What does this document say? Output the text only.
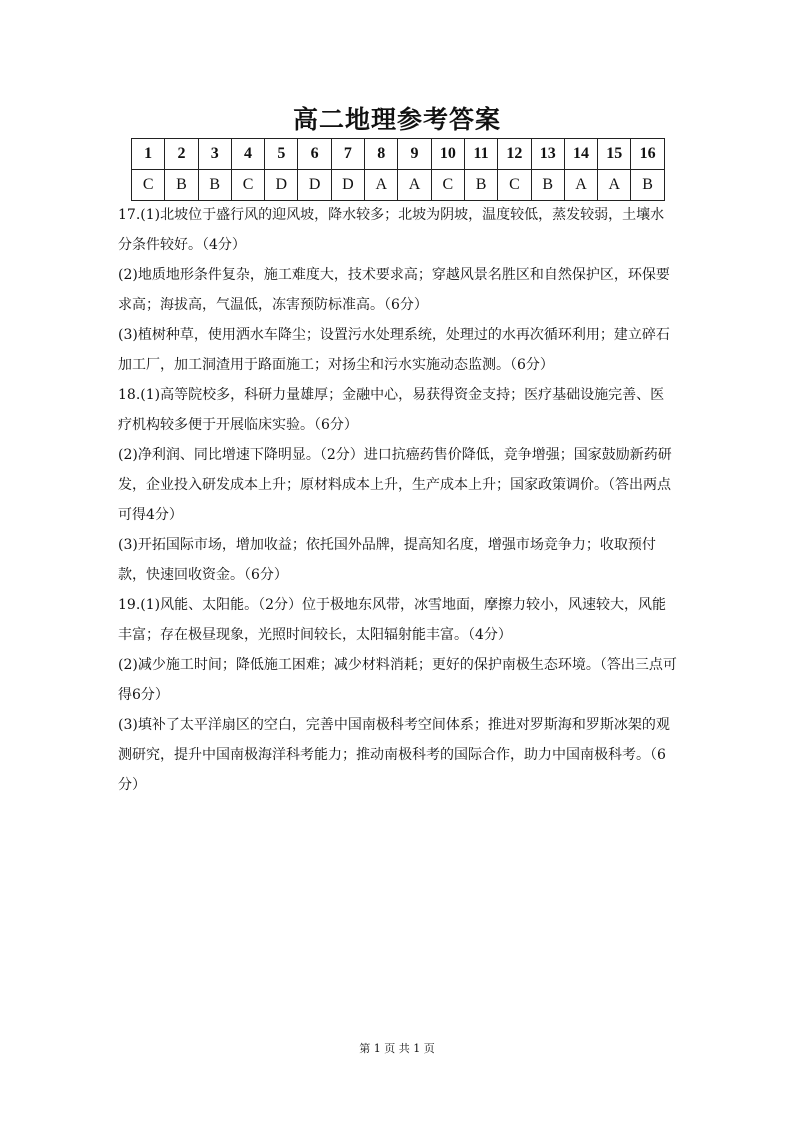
高二地理参考答案
1	2	3	4	5	6	7	8	9	10	11	12	13	14	15	16
C	B	B	C	D	D	D	A	A	C	B	C	B	A	A	B

17.(1)北坡位于盛行风的迎风坡，降水较多；北坡为阴坡，温度较低，蒸发较弱，土壤水分条件较好。（4分）

(2)地质地形条件复杂，施工难度大，技术要求高；穿越风景名胜区和自然保护区，环保要求高；海拔高，气温低，冻害预防标准高。（6分）

(3)植树种草，使用洒水车降尘；设置污水处理系统，处理过的水再次循环利用；建立碎石加工厂，加工洞渣用于路面施工；对扬尘和污水实施动态监测。（6分）

18.(1)高等院校多，科研力量雄厚；金融中心，易获得资金支持；医疗基础设施完善、医疗机构较多便于开展临床实验。（6分）

(2)净利润、同比增速下降明显。（2分）进口抗癌药售价降低，竞争增强；国家鼓励新药研发，企业投入研发成本上升；原材料成本上升，生产成本上升；国家政策调价。（答出两点可得4分）

(3)开拓国际市场，增加收益；依托国外品牌，提高知名度，增强市场竞争力；收取预付款，快速回收资金。（6分）

19.(1)风能、太阳能。（2分）位于极地东风带，冰雪地面，摩擦力较小，风速较大，风能丰富；存在极昼现象，光照时间较长，太阳辐射能丰富。（4分）

(2)减少施工时间；降低施工困难；减少材料消耗；更好的保护南极生态环境。（答出三点可得6分）

(3)填补了太平洋扇区的空白，完善中国南极科考空间体系；推进对罗斯海和罗斯冰架的观测研究，提升中国南极海洋科考能力；推动南极科考的国际合作，助力中国南极科考。（6分）

第 1 页 共 1 页
